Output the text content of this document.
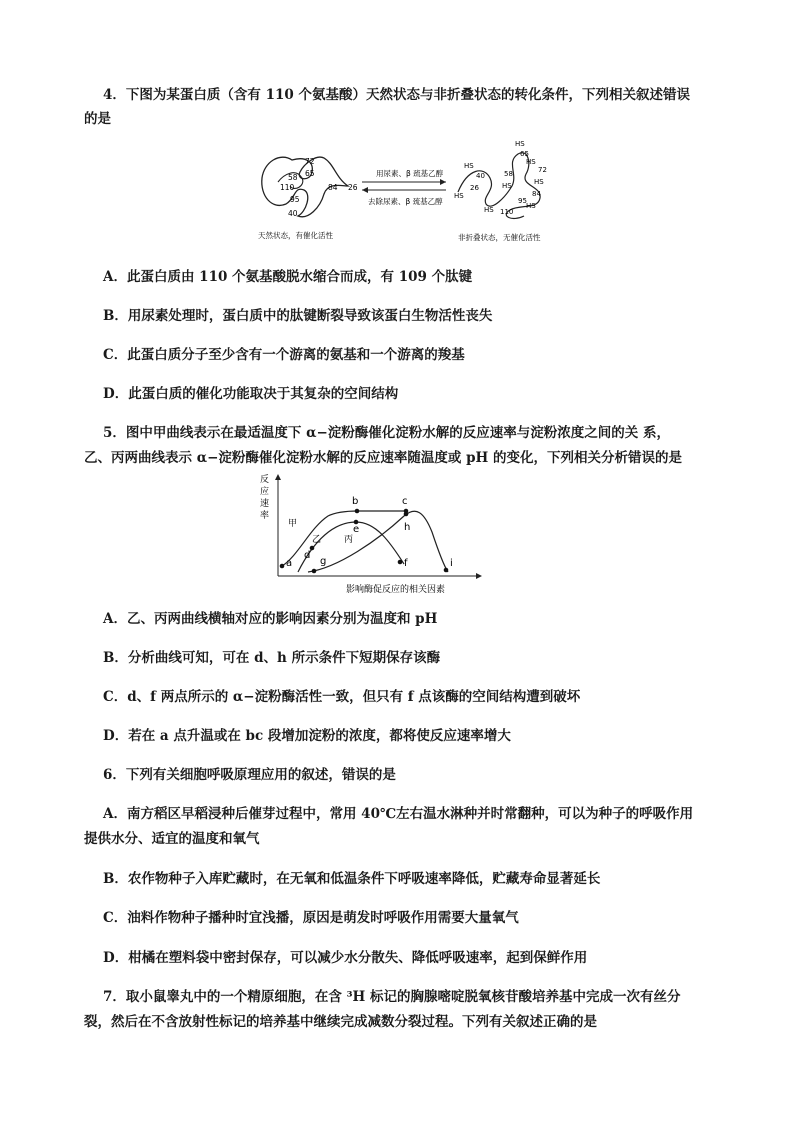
4．下图为某蛋白质（含有 110 个氨基酸）天然状态与非折叠状态的转化条件，下列相关叙述错误
的是
72
65
58
84 26
110
95
40
天然状态，有催化活性
用尿素、β 巯基乙醇
去除尿素、β 巯基乙醇
HS
65
HS
72
HS
40	58
HS
26
HS
HS
84
95
HS
HS 110
非折叠状态，无催化活性
A．此蛋白质由 110 个氨基酸脱水缩合而成，有 109 个肽键
B．用尿素处理时，蛋白质中的肽键断裂导致该蛋白生物活性丧失
C．此蛋白质分子至少含有一个游离的氨基和一个游离的羧基
D．此蛋白质的催化功能取决于其复杂的空间结构
5．图中甲曲线表示在最适温度下 α−淀粉酶催化淀粉水解的反应速率与淀粉浓度之间的关 系，
乙、丙两曲线表示 α−淀粉酶催化淀粉水解的反应速率随温度或 pH 的变化，下列相关分析错误的是
反
应
速
率
影响酶促反应的相关因素
甲
乙	丙
a
b	c
d
e
f
g
h
i
A．乙、丙两曲线横轴对应的影响因素分别为温度和 pH
B．分析曲线可知，可在 d、h 所示条件下短期保存该酶
C．d、f 两点所示的 α−淀粉酶活性一致，但只有 f 点该酶的空间结构遭到破坏
D．若在 a 点升温或在 bc 段增加淀粉的浓度，都将使反应速率增大
6．下列有关细胞呼吸原理应用的叙述，错误的是
A．南方稻区早稻浸种后催芽过程中，常用 40℃左右温水淋种并时常翻种，可以为种子的呼吸作用
提供水分、适宜的温度和氧气
B．农作物种子入库贮藏时，在无氧和低温条件下呼吸速率降低，贮藏寿命显著延长
C．油料作物种子播种时宜浅播，原因是萌发时呼吸作用需要大量氧气
D．柑橘在塑料袋中密封保存，可以减少水分散失、降低呼吸速率，起到保鲜作用
7．取小鼠睾丸中的一个精原细胞，在含 ³H 标记的胸腺嘧啶脱氧核苷酸培养基中完成一次有丝分
裂，然后在不含放射性标记的培养基中继续完成减数分裂过程。下列有关叙述正确的是
